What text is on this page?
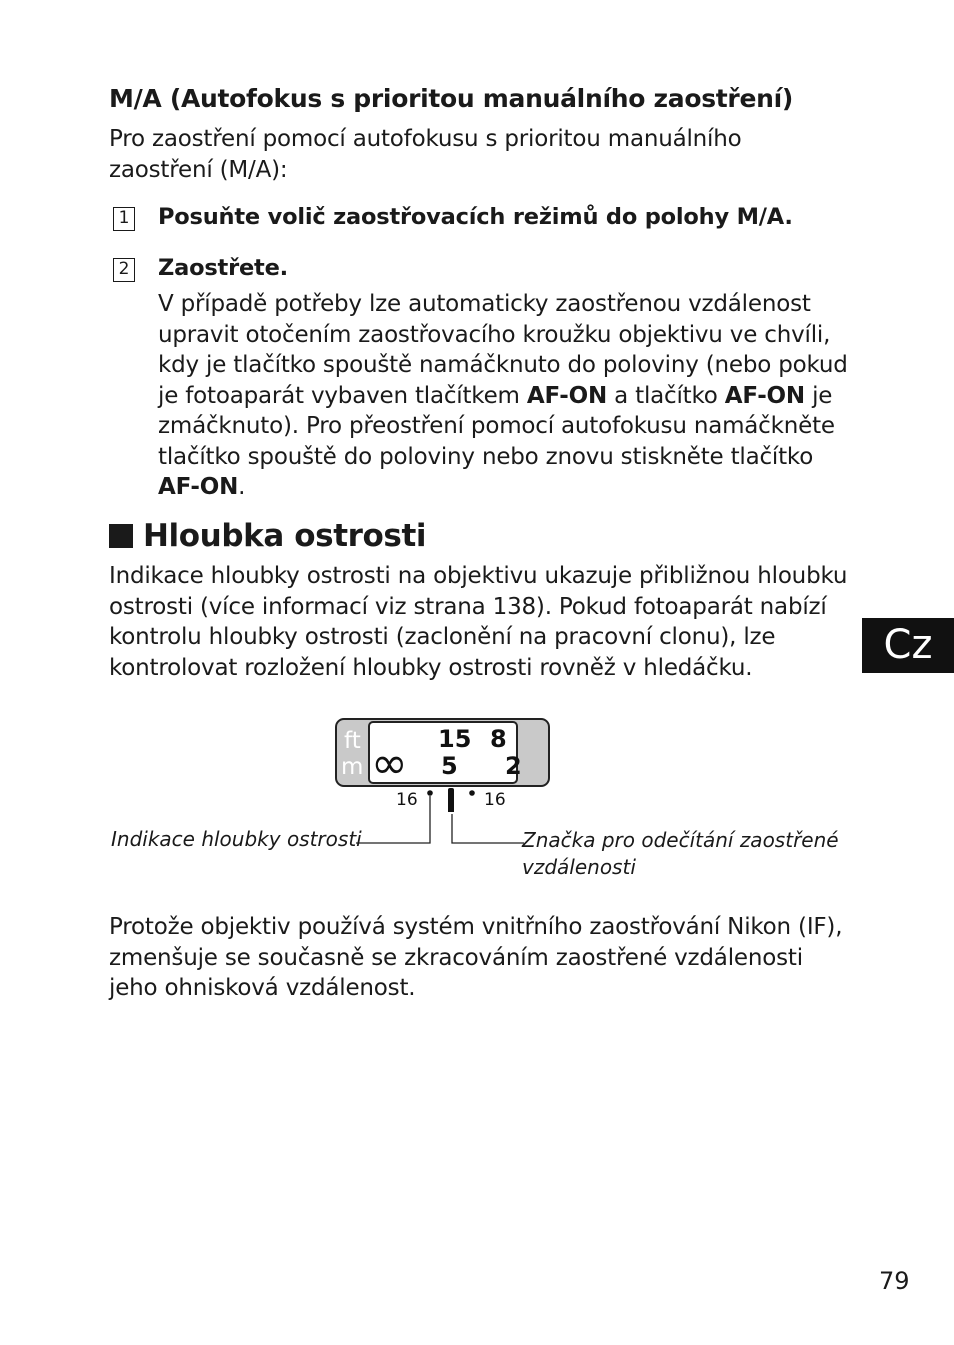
M/A (Autofokus s prioritou manuálního zaostření)
Pro zaostření pomocí autofokusu s prioritou manuálního zaostření (M/A):
1 Posuňte volič zaostřovacích režimů do polohy M/A.
2 Zaostřete.
V případě potřeby lze automaticky zaostřenou vzdálenost upravit otočením zaostřovacího kroužku objektivu ve chvíli, kdy je tlačítko spouště namáčknuto do poloviny (nebo pokud je fotoaparát vybaven tlačítkem AF-ON a tlačítko AF-ON je zmáčknuto). Pro přeostření pomocí autofokusu namáčkněte tlačítko spouště do poloviny nebo znovu stiskněte tlačítko AF-ON.
Hloubka ostrosti
Indikace hloubky ostrosti na objektivu ukazuje přibližnou hloubku ostrosti (více informací viz strana 138). Pokud fotoaparát nabízí kontrolu hloubky ostrosti (zaclonění na pracovní clonu), lze kontrolovat rozložení hloubky ostrosti rovněž v hledáčku.	Cz
ft
m ∞ 15 8
5 2
16	16
Indikace hloubky ostrosti	Značka pro odečítání zaostřené vzdálenosti
Protože objektiv používá systém vnitřního zaostřování Nikon (IF), zmenšuje se současně se zkracováním zaostřené vzdálenosti jeho ohnisková vzdálenost.
79
